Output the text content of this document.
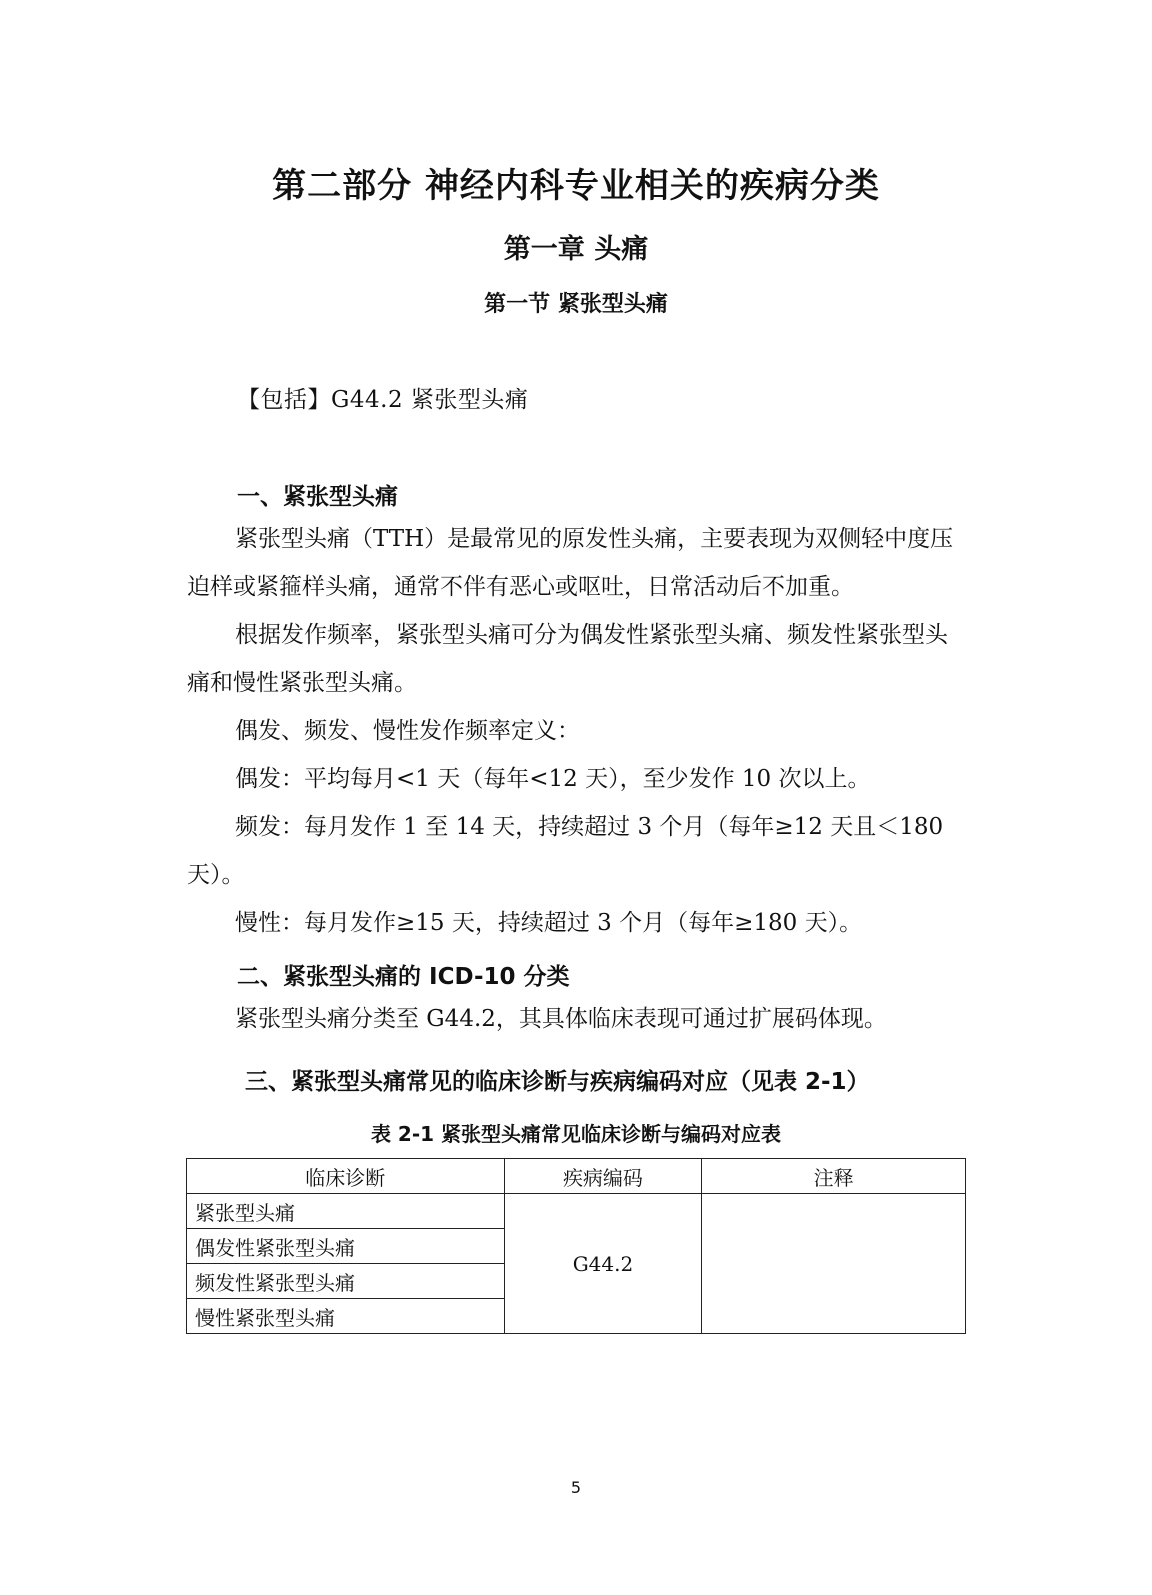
第二部分 神经内科专业相关的疾病分类
第一章 头痛
第一节 紧张型头痛
【包括】G44.2 紧张型头痛
一、紧张型头痛
紧张型头痛（TTH）是最常见的原发性头痛，主要表现为双侧轻中度压迫样或紧箍样头痛，通常不伴有恶心或呕吐，日常活动后不加重。
根据发作频率，紧张型头痛可分为偶发性紧张型头痛、频发性紧张型头痛和慢性紧张型头痛。
偶发、频发、慢性发作频率定义：
偶发：平均每月<1 天（每年<12 天），至少发作 10 次以上。
频发：每月发作 1 至 14 天，持续超过 3 个月（每年≥12 天且＜180 天）。
慢性：每月发作≥15 天，持续超过 3 个月（每年≥180 天）。
二、紧张型头痛的 ICD-10 分类
紧张型头痛分类至 G44.2，其具体临床表现可通过扩展码体现。
三、紧张型头痛常见的临床诊断与疾病编码对应（见表 2-1）
表 2-1 紧张型头痛常见临床诊断与编码对应表
临床诊断	疾病编码	注释
紧张型头痛	G44.2	
偶发性紧张型头痛		
频发性紧张型头痛		
慢性紧张型头痛		
5
